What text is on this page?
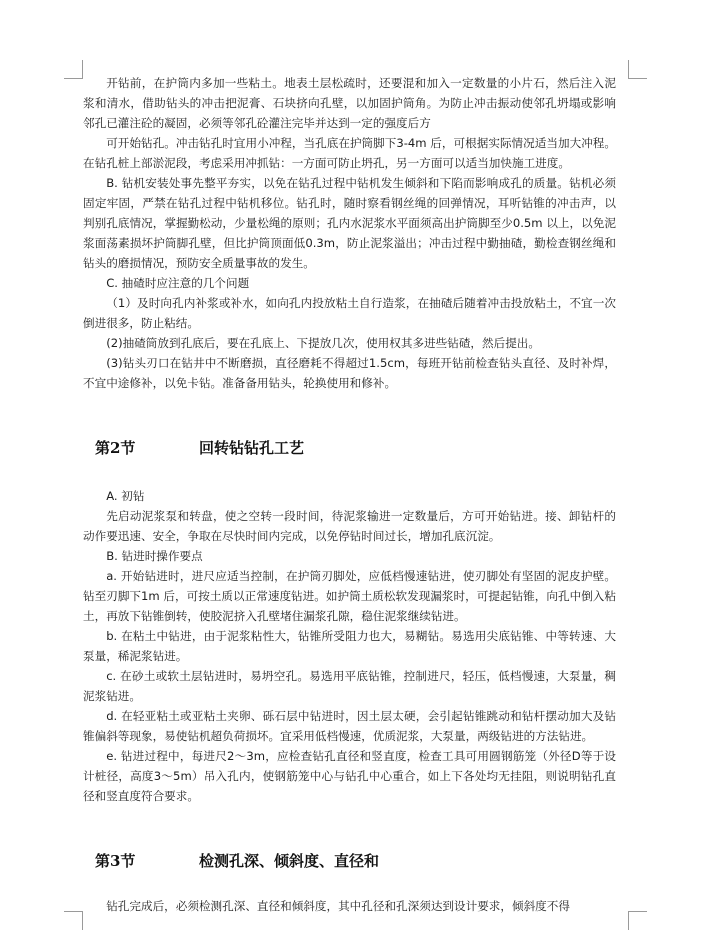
开钻前，在护筒内多加一些粘土。地表土层松疏时，还要混和加入一定数量的小片石，然后注入泥浆和清水，借助钻头的冲击把泥膏、石块挤向孔壁，以加固护筒角。为防止冲击振动使邻孔坍塌或影响邻孔已灌注砼的凝固，必须等邻孔砼灌注完毕并达到一定的强度后方

可开始钻孔。冲击钻孔时宜用小冲程，当孔底在护筒脚下3-4m 后，可根据实际情况适当加大冲程。在钻孔桩上部淤泥段，考虑采用冲抓钻：一方面可防止坍孔，另一方面可以适当加快施工进度。

B. 钻机安装处事先整平夯实，以免在钻孔过程中钻机发生倾斜和下陷而影响成孔的质量。钻机必须固定牢固，严禁在钻孔过程中钻机移位。钻孔时，随时察看钢丝绳的回弹情况，耳听钻锥的冲击声，以判别孔底情况，掌握勤松动，少量松绳的原则；孔内水泥浆水平面须高出护筒脚至少0.5m 以上，以免泥浆面荡素损坏护筒脚孔壁，但比护筒顶面低0.3m，防止泥浆溢出；冲击过程中勤抽碴，勤检查钢丝绳和钻头的磨损情况，预防安全质量事故的发生。

C. 抽碴时应注意的几个问题

（1）及时向孔内补浆或补水，如向孔内投放粘土自行造浆，在抽碴后随着冲击投放粘土，不宜一次倒进很多，防止粘结。

(2)抽碴筒放到孔底后，要在孔底上、下提放几次，使用权其多进些钻碴，然后提出。

(3)钻头刃口在钻井中不断磨损，直径磨耗不得超过1.5cm，每班开钻前检查钻头直径、及时补焊，不宜中途修补，以免卡钻。准备备用钻头，轮换使用和修补。

第2节	回转钻钻孔工艺

A. 初钻

先启动泥浆泵和转盘，使之空转一段时间，待泥浆输进一定数量后，方可开始钻进。接、卸钻杆的动作要迅速、安全，争取在尽快时间内完成，以免停钻时间过长，增加孔底沉淀。

B. 钻进时操作要点

a. 开始钻进时，进尺应适当控制，在护筒刃脚处，应低档慢速钻进，使刃脚处有坚固的泥皮护壁。钻至刃脚下1m 后，可按土质以正常速度钻进。如护筒土质松软发现漏浆时，可提起钻锥，向孔中倒入粘土，再放下钻锥倒转，使胶泥挤入孔壁堵住漏浆孔隙，稳住泥浆继续钻进。

b. 在粘土中钻进，由于泥浆粘性大，钻锥所受阻力也大，易糊钻。易选用尖底钻锥、中等转速、大泵量，稀泥浆钻进。

c. 在砂土或软土层钻进时，易坍空孔。易选用平底钻锥，控制进尺，轻压，低档慢速，大泵量，稠泥浆钻进。

d. 在轻亚粘土或亚粘土夹卵、砾石层中钻进时，因土层太硬，会引起钻锥跳动和钻杆摆动加大及钻锥偏斜等现象，易使钻机超负荷损坏。宜采用低档慢速，优质泥浆，大泵量，两级钻进的方法钻进。

e. 钻进过程中，每进尺2～3m，应检查钻孔直径和竖直度，检查工具可用圆钢筋笼（外径D等于设计桩径，高度3～5m）吊入孔内，使钢筋笼中心与钻孔中心重合，如上下各处均无挂阻，则说明钻孔直径和竖直度符合要求。

第3节	检测孔深、倾斜度、直径和

钻孔完成后，必须检测孔深、直径和倾斜度，其中孔径和孔深须达到设计要求，倾斜度不得
